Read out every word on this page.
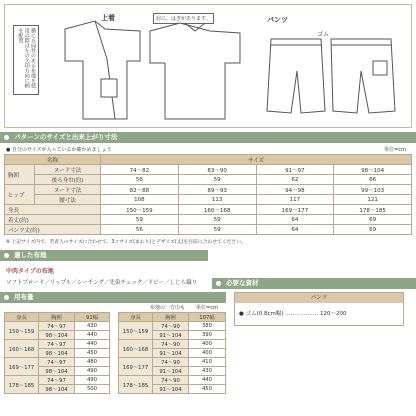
上着	パンツ
肩に、はぎがあります。
横に方向性のある布地を使用の際は左の矢印方向に柄を配置	ゴム
パターンのサイズと出来上がり寸法
● 自分のサイズが入っているか確かめましょう	単位=cm
名称		サイズ			
胸囲	ヌード寸法	74〜82	83〜90	91〜97	98〜104
	後ろ身巾(約)	56	59	62	66
ヒップ	ヌード寸法	82〜88	89〜93	94〜98	99〜103
	腰寸法	108	113	117	121
身長		150〜159	160〜168	169〜177	178〜185
着丈(約)		59	59	64	69
パンツ丈(約)		56	59	64	69
※ 上記サイズ内で、若者人のサイズに合わせて、3コサイズ(まわり)とデザイズ(丈)を目前に合わせてください。
適した布地
中肉タイプの布地
ソフトブロード／リップル／シーチング／先染チェック／ドビー／しじら織り	必要な資材
パンツ
● ゴム(0.8cm幅) ……………… 120〜200
用布量
布地の一方巾も 単位=cm
身長	胸囲	91幅
150〜159	74〜97	430
	98〜104	440
160〜168	74〜97	440
	98〜104	450
169〜177	74〜97	480
	98〜104	490
178〜185	74〜97	490
	98〜104	500
身長	胸囲	107幅
150〜159	74〜90	380
	91〜104	390
160〜168	74〜90	400
	91〜104	400
169〜177	74〜90	410
	91〜104	430
178〜185	74〜90	440
	91〜104	450
